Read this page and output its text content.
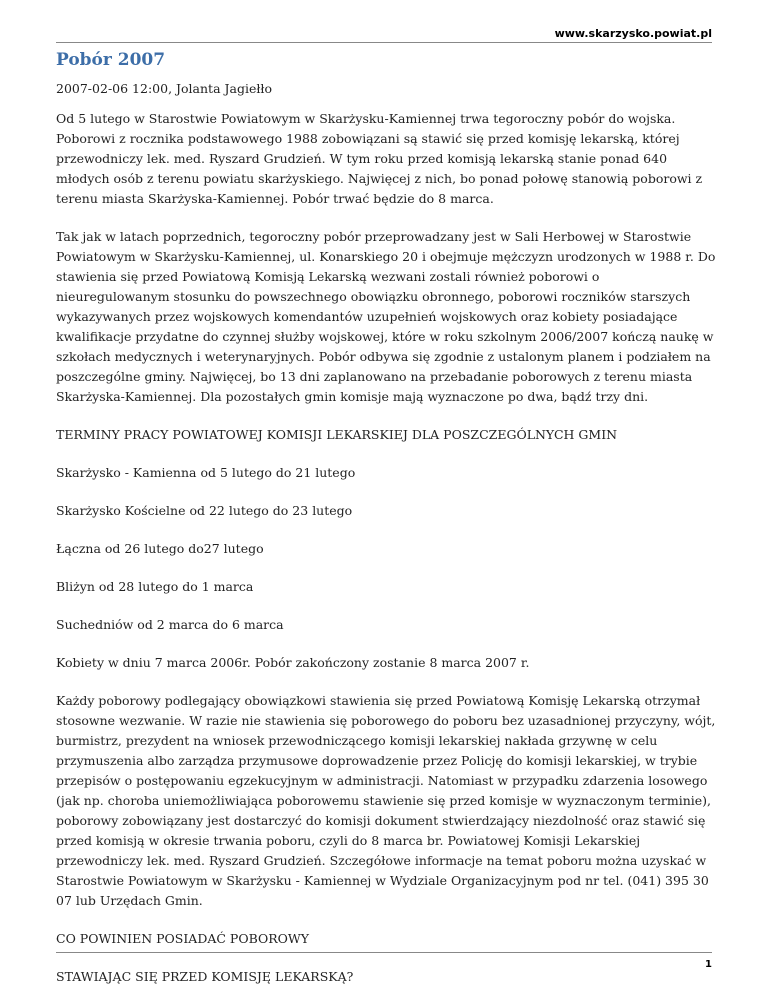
www.skarzysko.powiat.pl
Pobór 2007
2007-02-06 12:00, Jolanta Jagiełło

Od 5 lutego w Starostwie Powiatowym w Skarżysku-Kamiennej trwa tegoroczny pobór do wojska. Poborowi z rocznika podstawowego 1988 zobowiązani są stawić się przed komisję lekarską, której przewodniczy lek. med. Ryszard Grudzień. W tym roku przed komisją lekarską stanie ponad 640 młodych osób z terenu powiatu skarżyskiego. Najwięcej z nich, bo ponad połowę stanowią poborowi z terenu miasta Skarżyska-Kamiennej. Pobór trwać będzie do 8 marca.

Tak jak w latach poprzednich, tegoroczny pobór przeprowadzany jest w Sali Herbowej w Starostwie Powiatowym w Skarżysku-Kamiennej, ul. Konarskiego 20 i obejmuje mężczyzn urodzonych w 1988 r. Do stawienia się przed Powiatową Komisją Lekarską wezwani zostali również poborowi o nieuregulowanym stosunku do powszechnego obowiązku obronnego, poborowi roczników starszych wykazywanych przez wojskowych komendantów uzupełnień wojskowych oraz kobiety posiadające kwalifikacje przydatne do czynnej służby wojskowej, które w roku szkolnym 2006/2007 kończą naukę w szkołach medycznych i weterynaryjnych. Pobór odbywa się zgodnie z ustalonym planem i podziałem na poszczególne gminy. Najwięcej, bo 13 dni zaplanowano na przebadanie poborowych z terenu miasta Skarżyska-Kamiennej. Dla pozostałych gmin komisje mają wyznaczone po dwa, bądź trzy dni.

TERMINY PRACY POWIATOWEJ KOMISJI LEKARSKIEJ DLA POSZCZEGÓLNYCH GMIN

Skarżysko - Kamienna od 5 lutego do 21 lutego

Skarżysko Kościelne od 22 lutego do 23 lutego

Łączna od 26 lutego do27 lutego

Bliżyn od 28 lutego do 1 marca

Suchedniów od 2 marca do 6 marca

Kobiety w dniu 7 marca 2006r. Pobór zakończony zostanie 8 marca 2007 r.

Każdy poborowy podlegający obowiązkowi stawienia się przed Powiatową Komisję Lekarską otrzymał stosowne wezwanie. W razie nie stawienia się poborowego do poboru bez uzasadnionej przyczyny, wójt, burmistrz, prezydent na wniosek przewodniczącego komisji lekarskiej nakłada grzywnę w celu przymuszenia albo zarządza przymusowe doprowadzenie przez Policję do komisji lekarskiej, w trybie przepisów o postępowaniu egzekucyjnym w administracji. Natomiast w przypadku zdarzenia losowego (jak np. choroba uniemożliwiająca poborowemu stawienie się przed komisje w wyznaczonym terminie), poborowy zobowiązany jest dostarczyć do komisji dokument stwierdzający niezdolność oraz stawić się przed komisją w okresie trwania poboru, czyli do 8 marca br. Powiatowej Komisji Lekarskiej przewodniczy lek. med. Ryszard Grudzień. Szczegółowe informacje na temat poboru można uzyskać w Starostwie Powiatowym w Skarżysku - Kamiennej w Wydziale Organizacyjnym pod nr tel. (041) 395 30 07 lub Urzędach Gmin.

CO POWINIEN POSIADAĆ POBOROWY

STAWIAJĄC SIĘ PRZED KOMISJĘ LEKARSKĄ?

1
